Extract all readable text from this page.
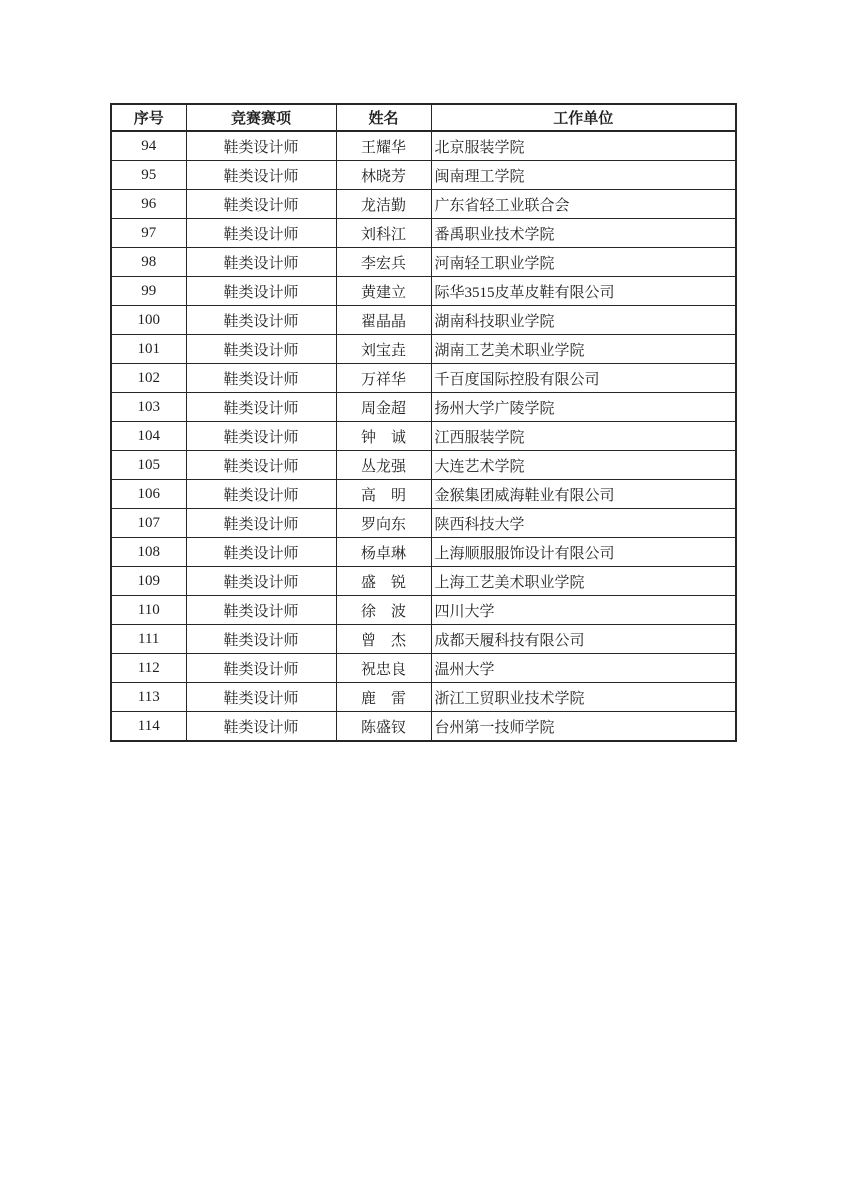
序号	竞赛赛项	姓名	工作单位
94	鞋类设计师	王耀华	北京服装学院
95	鞋类设计师	林晓芳	闽南理工学院
96	鞋类设计师	龙洁勤	广东省轻工业联合会
97	鞋类设计师	刘科江	番禹职业技术学院
98	鞋类设计师	李宏兵	河南轻工职业学院
99	鞋类设计师	黄建立	际华3515皮革皮鞋有限公司
100	鞋类设计师	翟晶晶	湖南科技职业学院
101	鞋类设计师	刘宝垚	湖南工艺美术职业学院
102	鞋类设计师	万祥华	千百度国际控股有限公司
103	鞋类设计师	周金超	扬州大学广陵学院
104	鞋类设计师	钟　诚	江西服装学院
105	鞋类设计师	丛龙强	大连艺术学院
106	鞋类设计师	高　明	金猴集团威海鞋业有限公司
107	鞋类设计师	罗向东	陕西科技大学
108	鞋类设计师	杨卓琳	上海顺服服饰设计有限公司
109	鞋类设计师	盛　锐	上海工艺美术职业学院
110	鞋类设计师	徐　波	四川大学
111	鞋类设计师	曾　杰	成都天履科技有限公司
112	鞋类设计师	祝忠良	温州大学
113	鞋类设计师	鹿　雷	浙江工贸职业技术学院
114	鞋类设计师	陈盛钗	台州第一技师学院
